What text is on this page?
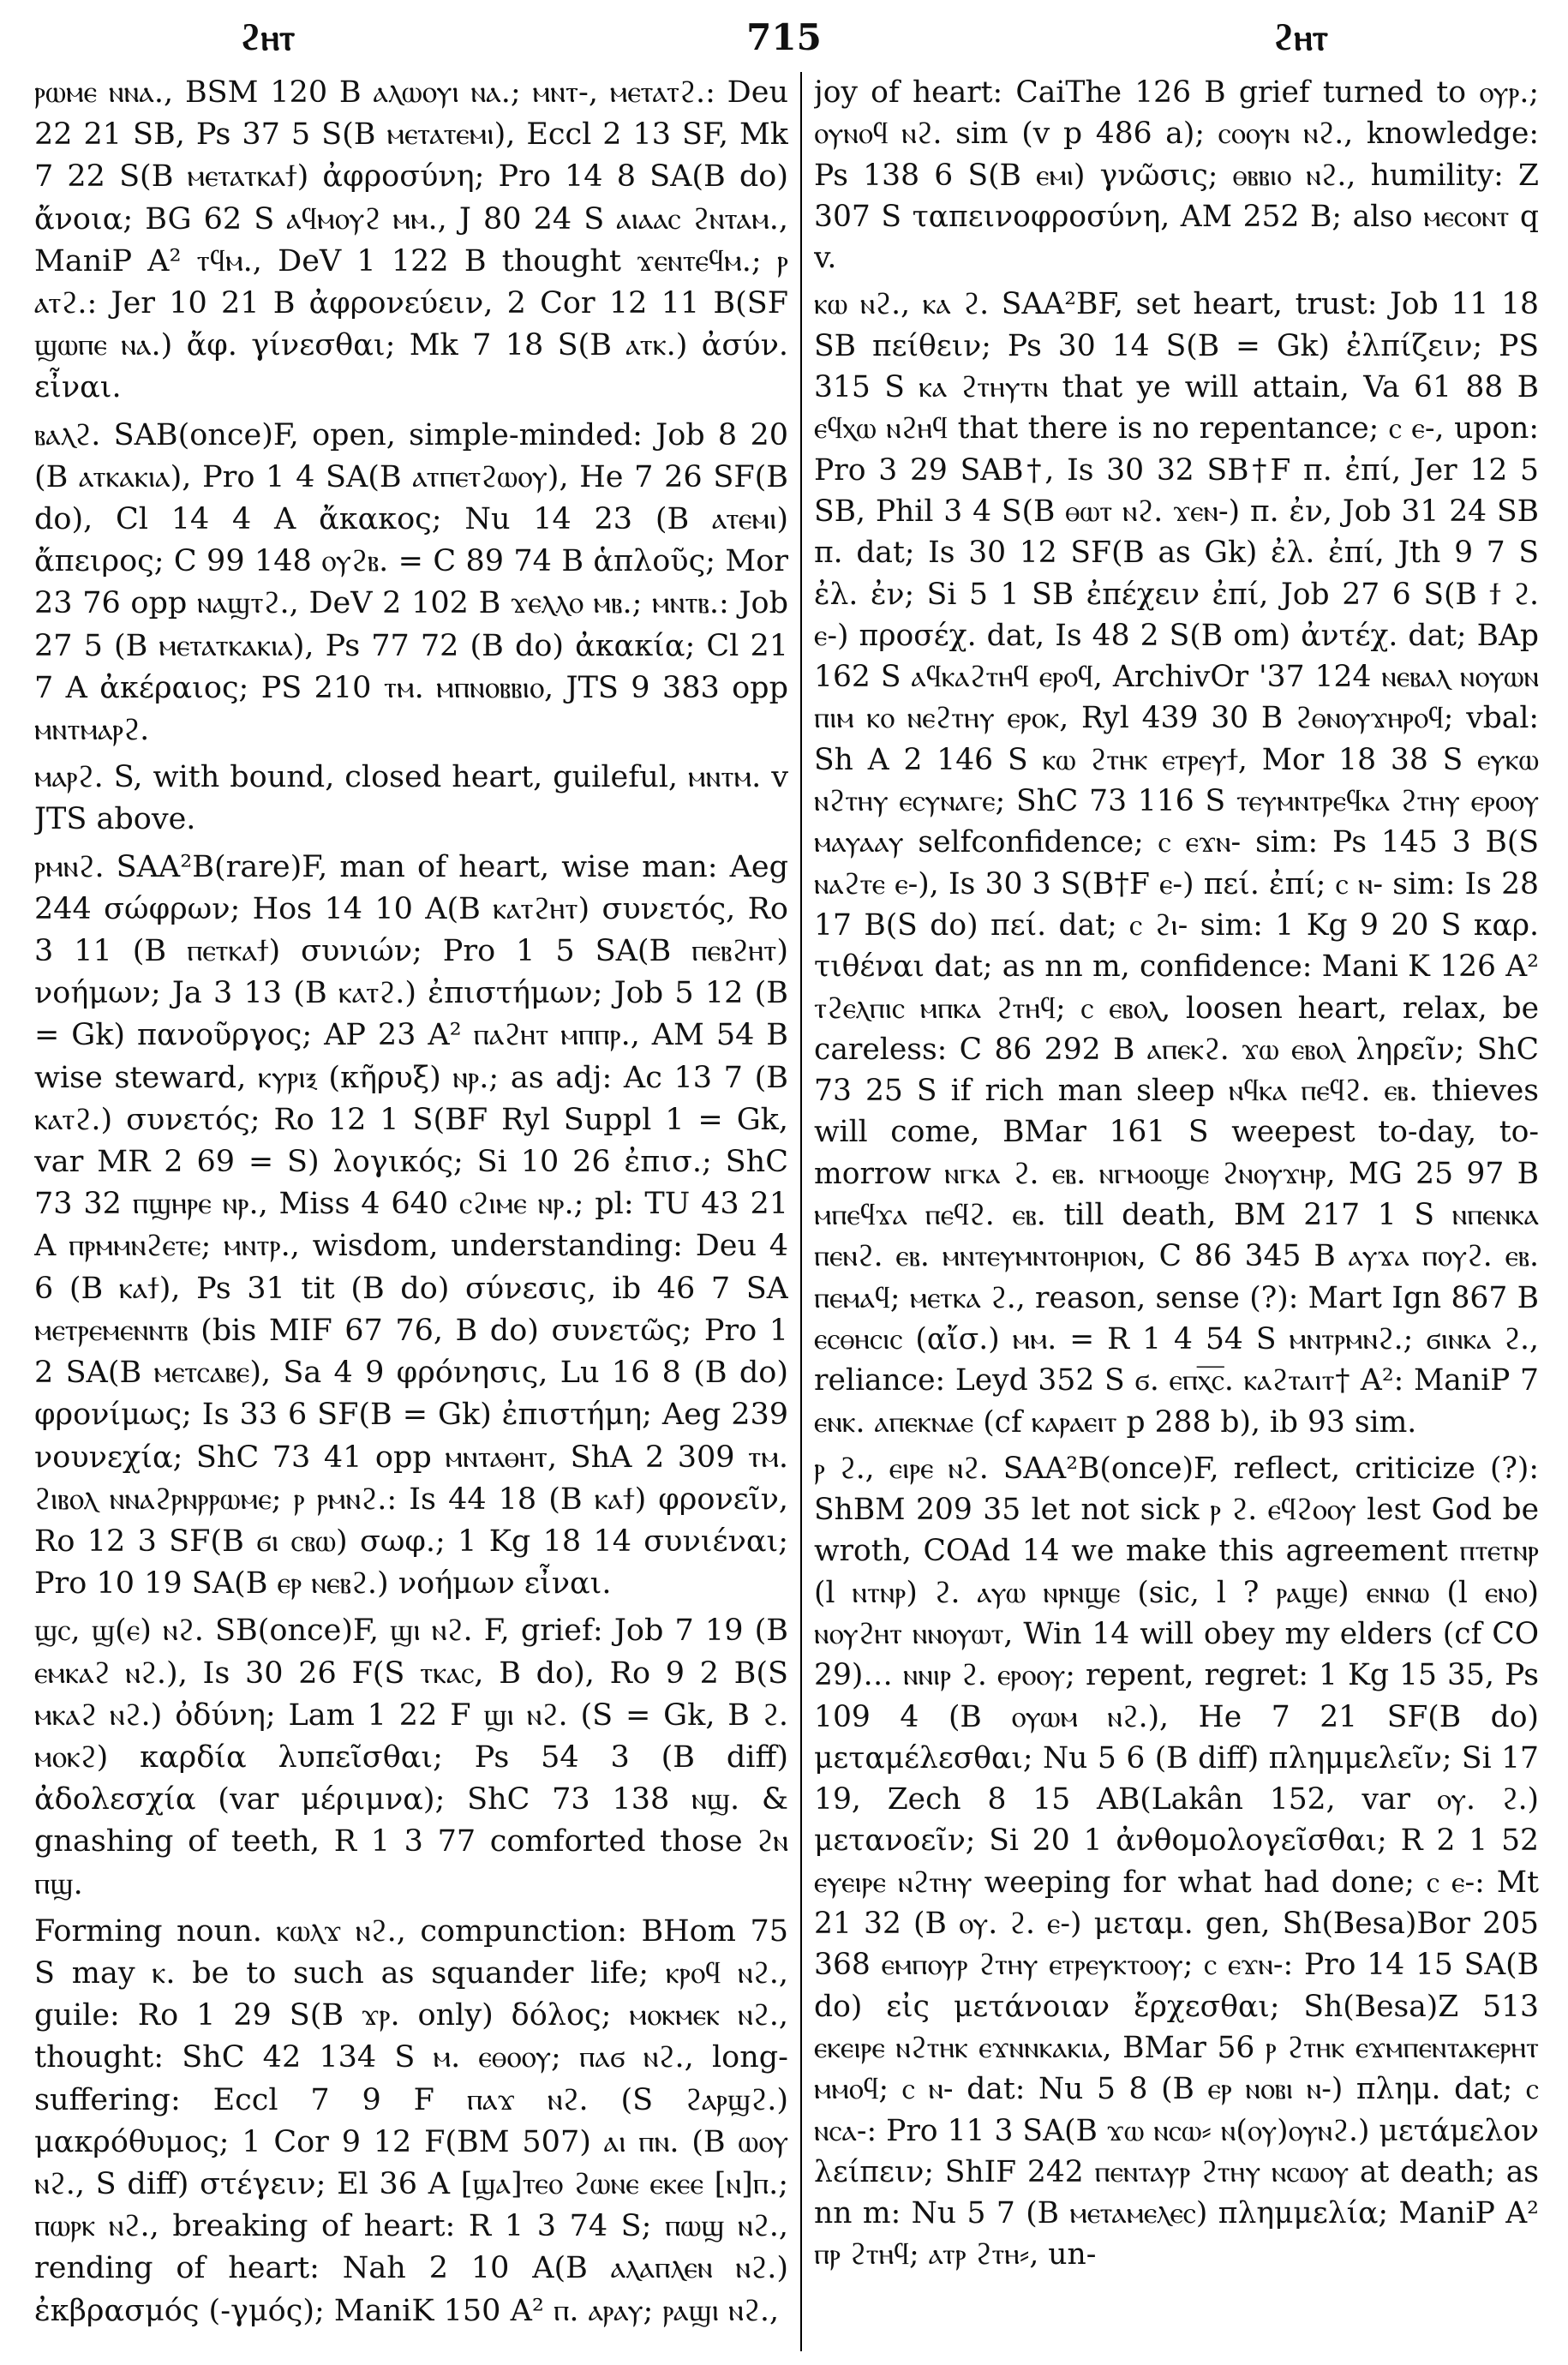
ϩⲏⲧ	715	ϩⲏⲧ

ⲣⲱⲙⲉ ⲛⲛⲁ., BSM 120 B ⲁⲗⲱⲟⲩⲓ ⲛⲁ.; ⲙⲛⲧ-, ⲙⲉⲧⲁⲧϩ.: Deu 22 21 SB, Ps 37 5 S(B ⲙⲉⲧⲁⲧⲉⲙⲓ), Eccl 2 13 SF, Mk 7 22 S(B ⲙⲉⲧⲁⲧⲕⲁϯ) ἀφροσύνη; Pro 14 8 SA(B do) ἄνοια; BG 62 S ⲁϥⲙⲟⲩϩ ⲙⲙ., J 80 24 S ⲁⲓⲁⲁⲥ ϩⲛⲧⲁⲙ., ManiP A² ⲧϥⲙ., DeV 1 122 B thought ϫⲉⲛⲧⲉϥⲙ.; ⲣ ⲁⲧϩ.: Jer 10 21 B ἀφρονεύειν, 2 Cor 12 11 B(SF ϣⲱⲡⲉ ⲛⲁ.) ἄφ. γίνεσθαι; Mk 7 18 S(B ⲁⲧⲕ.) ἀσύν. εἶναι.

ⲃⲁⲗϩ. SAB(once)F, open, simple-minded: Job 8 20 (B ⲁⲧⲕⲁⲕⲓⲁ), Pro 1 4 SA(B ⲁⲧⲡⲉⲧϩⲱⲟⲩ), He 7 26 SF(B do), Cl 14 4 A ἄκακος; Nu 14 23 (B ⲁⲧⲉⲙⲓ) ἄπειρος; C 99 148 ⲟⲩϩⲃ. = C 89 74 B ἁπλοῦς; Mor 23 76 opp ⲛⲁϣⲧϩ., DeV 2 102 B ϫⲉⲗⲗⲟ ⲙⲃ.; ⲙⲛⲧⲃ.: Job 27 5 (B ⲙⲉⲧⲁⲧⲕⲁⲕⲓⲁ), Ps 77 72 (B do) ἀκακία; Cl 21 7 A ἀκέραιος; PS 210 ⲧⲙ. ⲙⲡⲛⲟⲃⲃⲓⲟ, JTS 9 383 opp ⲙⲛⲧⲙⲁⲣϩ.

ⲙⲁⲣϩ. S, with bound, closed heart, guileful, ⲙⲛⲧⲙ. v JTS above.

ⲣⲙⲛϩ. SAA²B(rare)F, man of heart, wise man: Aeg 244 σώφρων; Hos 14 10 A(B ⲕⲁⲧϩⲏⲧ) συνετός, Ro 3 11 (B ⲡⲉⲧⲕⲁϯ) συνιών; Pro 1 5 SA(B ⲡⲉⲃϩⲏⲧ) νοήμων; Ja 3 13 (B ⲕⲁⲧϩ.) ἐπιστήμων; Job 5 12 (B = Gk) πανοῦργος; AP 23 A² ⲡⲁϩⲏⲧ ⲙⲡⲡⲣ., AM 54 B wise steward, ⲕⲩⲣⲓⲝ (κῆρυξ) ⲛⲣ.; as adj: Ac 13 7 (B ⲕⲁⲧϩ.) συνετός; Ro 12 1 S(BF Ryl Suppl 1 = Gk, var MR 2 69 = S) λογικός; Si 10 26 ἐπισ.; ShC 73 32 ⲡϣⲏⲣⲉ ⲛⲣ., Miss 4 640 ⲥϩⲓⲙⲉ ⲛⲣ.; pl: TU 43 21 A ⲡⲣⲙⲙⲛϩⲉⲧⲉ; ⲙⲛⲧⲣ., wisdom, understanding: Deu 4 6 (B ⲕⲁϯ), Ps 31 tit (B do) σύνεσις, ib 46 7 SA ⲙⲉⲧⲣⲉⲙⲉⲛⲛⲧⲃ (bis MIF 67 76, B do) συνετῶς; Pro 1 2 SA(B ⲙⲉⲧⲥⲁⲃⲉ), Sa 4 9 φρόνησις, Lu 16 8 (B do) φρονίμως; Is 33 6 SF(B = Gk) ἐπιστήμη; Aeg 239 νουνεχία; ShC 73 41 opp ⲙⲛⲧⲁⲑⲏⲧ, ShA 2 309 ⲧⲙ. ϩⲓⲃⲟⲗ ⲛⲛⲁϩⲣⲛⲣⲣⲱⲙⲉ; ⲣ ⲣⲙⲛϩ.: Is 44 18 (B ⲕⲁϯ) φρονεῖν, Ro 12 3 SF(B ϭⲓ ⲥⲃⲱ) σωφ.; 1 Kg 18 14 συνιέναι; Pro 10 19 SA(B ⲉⲣ ⲛⲉⲃϩ.) νοήμων εἶναι.

ϣⲥ, ϣ(ⲉ) ⲛϩ. SB(once)F, ϣⲓ ⲛϩ. F, grief: Job 7 19 (B ⲉⲙⲕⲁϩ ⲛϩ.), Is 30 26 F(S ⲧⲕⲁⲥ, B do), Ro 9 2 B(S ⲙⲕⲁϩ ⲛϩ.) ὀδύνη; Lam 1 22 F ϣⲓ ⲛϩ. (S = Gk, B ϩ. ⲙⲟⲕϩ) καρδία λυπεῖσθαι; Ps 54 3 (B diff) ἀδολεσχία (var μέριμνα); ShC 73 138 ⲛϣ. & gnashing of teeth, R 1 3 77 comforted those ϩⲛ ⲡϣ.

Forming noun. ⲕⲱⲗϫ ⲛϩ., compunction: BHom 75 S may ⲕ. be to such as squander life; ⲕⲣⲟϥ ⲛϩ., guile: Ro 1 29 S(B ϫⲣ. only) δόλος; ⲙⲟⲕⲙⲉⲕ ⲛϩ., thought: ShC 42 134 S ⲙ. ⲉⲑⲟⲟⲩ; ⲡⲁϭ ⲛϩ., long-suffering: Eccl 7 9 F ⲡⲁϫ ⲛϩ. (S ϩⲁⲣϣϩ.) μακρόθυμος; 1 Cor 9 12 F(BM 507) ⲁⲓ ⲡⲛ. (B ⲱⲟⲩ ⲛϩ., S diff) στέγειν; El 36 A [ϣⲁ]ⲧⲉⲟ ϩⲱⲛⲉ ⲉⲕⲉⲉ [ⲛ]ⲡ.; ⲡⲱⲣⲕ ⲛϩ., breaking of heart: R 1 3 74 S; ⲡⲱϣ ⲛϩ., rending of heart: Nah 2 10 A(B ⲁⲗⲁⲡⲗⲉⲛ ⲛϩ.) ἐκβρασμός (-γμός); ManiK 150 A² ⲡ. ⲁⲣⲁⲩ; ⲣⲁϣⲓ ⲛϩ.,

joy of heart: CaiThe 126 B grief turned to ⲟⲩⲣ.; ⲟⲩⲛⲟϥ ⲛϩ. sim (v p 486 a); ⲥⲟⲟⲩⲛ ⲛϩ., knowledge: Ps 138 6 S(B ⲉⲙⲓ) γνῶσις; ⲑⲃⲃⲓⲟ ⲛϩ., humility: Z 307 S ταπεινοφροσύνη, AM 252 B; also ⲙⲉⲥⲟⲛⲧ q v.

ⲕⲱ ⲛϩ., ⲕⲁ ϩ. SAA²BF, set heart, trust: Job 11 18 SB πείθειν; Ps 30 14 S(B = Gk) ἐλπίζειν; PS 315 S ⲕⲁ ϩⲧⲏⲩⲧⲛ that ye will attain, Va 61 88 B ⲉϥⲭⲱ ⲛϩⲏϥ that there is no repentance; ⲥ ⲉ-, upon: Pro 3 29 SAB†, Is 30 32 SB†F π. ἐπί, Jer 12 5 SB, Phil 3 4 S(B ⲑⲱⲧ ⲛϩ. ϫⲉⲛ-) π. ἐν, Job 31 24 SB π. dat; Is 30 12 SF(B as Gk) ἐλ. ἐπί, Jth 9 7 S ἐλ. ἐν; Si 5 1 SB ἐπέχειν ἐπί, Job 27 6 S(B ϯ ϩ. ⲉ-) προσέχ. dat, Is 48 2 S(B om) ἀντέχ. dat; BAp 162 S ⲁϥⲕⲁϩⲧⲏϥ ⲉⲣⲟϥ, ArchivOr '37 124 ⲛⲉⲃⲁⲗ ⲛⲟⲩⲱⲛ ⲡⲓⲙ ⲕⲟ ⲛⲉϩⲧⲏⲩ ⲉⲣⲟⲕ, Ryl 439 30 B ϩⲑⲛⲟⲩϫⲏⲣⲟϥ; vbal: Sh A 2 146 S ⲕⲱ ϩⲧⲏⲕ ⲉⲧⲣⲉⲩϯ, Mor 18 38 S ⲉⲩⲕⲱ ⲛϩⲧⲏⲩ ⲉⲥⲩⲛⲁⲅⲉ; ShC 73 116 S ⲧⲉⲩⲙⲛⲧⲣⲉϥⲕⲁ ϩⲧⲏⲩ ⲉⲣⲟⲟⲩ ⲙⲁⲩⲁⲁⲩ selfconfidence; ⲥ ⲉϫⲛ- sim: Ps 145 3 B(S ⲛⲁϩⲧⲉ ⲉ-), Is 30 3 S(B†F ⲉ-) πεί. ἐπί; ⲥ ⲛ- sim: Is 28 17 B(S do) πεί. dat; ⲥ ϩⲓ- sim: 1 Kg 9 20 S καρ. τιθέναι dat; as nn m, confidence: Mani K 126 A² ⲧϩⲉⲗⲡⲓⲥ ⲙⲡⲕⲁ ϩⲧⲏϥ; ⲥ ⲉⲃⲟⲗ, loosen heart, relax, be careless: C 86 292 B ⲁⲡⲉⲕϩ. ϫⲱ ⲉⲃⲟⲗ ληρεῖν; ShC 73 25 S if rich man sleep ⲛϥⲕⲁ ⲡⲉϥϩ. ⲉⲃ. thieves will come, BMar 161 S weepest to-day, to-morrow ⲛⲅⲕⲁ ϩ. ⲉⲃ. ⲛⲅⲙⲟⲟϣⲉ ϩⲛⲟⲩϫⲏⲣ, MG 25 97 B ⲙⲡⲉϥϫⲁ ⲡⲉϥϩ. ⲉⲃ. till death, BM 217 1 S ⲛⲡⲉⲛⲕⲁ ⲡⲉⲛϩ. ⲉⲃ. ⲙⲛⲧⲉⲩⲙⲛⲧⲟⲏⲣⲓⲟⲛ, C 86 345 B ⲁⲩϫⲁ ⲡⲟⲩϩ. ⲉⲃ. ⲡⲉⲙⲁϥ; ⲙⲉⲧⲕⲁ ϩ., reason, sense (?): Mart Ign 867 B ⲉⲥⲑⲏⲥⲓⲥ (αἴσ.) ⲙⲙ. = R 1 4 54 S ⲙⲛⲧⲣⲙⲛϩ.; ϭⲓⲛⲕⲁ ϩ., reliance: Leyd 352 S ϭ. ⲉⲡⲭ̅ⲥ̅. ⲕⲁϩⲧⲁⲓⲧ† A²: ManiP 7 ⲉⲛⲕ. ⲁⲡⲉⲕⲛⲁⲉ (cf ⲕⲁⲣⲁⲉⲓⲧ p 288 b), ib 93 sim.

ⲣ ϩ., ⲉⲓⲣⲉ ⲛϩ. SAA²B(once)F, reflect, criticize (?): ShBM 209 35 let not sick ⲣ ϩ. ⲉϥϩⲟⲟⲩ lest God be wroth, COAd 14 we make this agreement ⲡⲧⲉⲧⲛⲣ (l ⲛⲧⲛⲣ) ϩ. ⲁⲩⲱ ⲛⲣⲛϣⲉ (sic, l ? ⲣⲁϣⲉ) ⲉⲛⲛⲱ (l ⲉⲛⲟ) ⲛⲟⲩϩⲏⲧ ⲛⲛⲟⲩⲱⲧ, Win 14 will obey my elders (cf CO 29)… ⲛⲛⲓⲣ ϩ. ⲉⲣⲟⲟⲩ; repent, regret: 1 Kg 15 35, Ps 109 4 (B ⲟⲩⲱⲙ ⲛϩ.), He 7 21 SF(B do) μεταμέλεσθαι; Nu 5 6 (B diff) πλημμελεῖν; Si 17 19, Zech 8 15 AB(Lakân 152, var ⲟⲩ. ϩ.) μετανοεῖν; Si 20 1 ἀνθομολογεῖσθαι; R 2 1 52 ⲉⲩⲉⲓⲣⲉ ⲛϩⲧⲏⲩ weeping for what had done; ⲥ ⲉ-: Mt 21 32 (B ⲟⲩ. ϩ. ⲉ-) μεταμ. gen, Sh(Besa)Bor 205 368 ⲉⲙⲡⲟⲩⲣ ϩⲧⲏⲩ ⲉⲧⲣⲉⲩⲕⲧⲟⲟⲩ; ⲥ ⲉϫⲛ-: Pro 14 15 SA(B do) εἰς μετάνοιαν ἔρχεσθαι; Sh(Besa)Z 513 ⲉⲕⲉⲓⲣⲉ ⲛϩⲧⲏⲕ ⲉϫⲛⲛⲕⲁⲕⲓⲁ, BMar 56 ⲣ ϩⲧⲏⲕ ⲉϫⲙⲡⲉⲛⲧⲁⲕⲉⲣⲏⲧ ⲙⲙⲟϥ; ⲥ ⲛ- dat: Nu 5 8 (B ⲉⲣ ⲛⲟⲃⲓ ⲛ-) πλημ. dat; ⲥ ⲛⲥⲁ-: Pro 11 3 SA(B ϫⲱ ⲛⲥⲱ⸗ ⲛ(ⲟⲩ)ⲟⲩⲛϩ.) μετάμελον λείπειν; ShIF 242 ⲡⲉⲛⲧⲁⲩⲣ ϩⲧⲏⲩ ⲛⲥⲱⲟⲩ at death; as nn m: Nu 5 7 (B ⲙⲉⲧⲁⲙⲉⲗⲉⲥ) πλημμελία; ManiP A² ⲡⲣ ϩⲧⲏϥ; ⲁⲧⲣ ϩⲧⲏ⸗, un-
